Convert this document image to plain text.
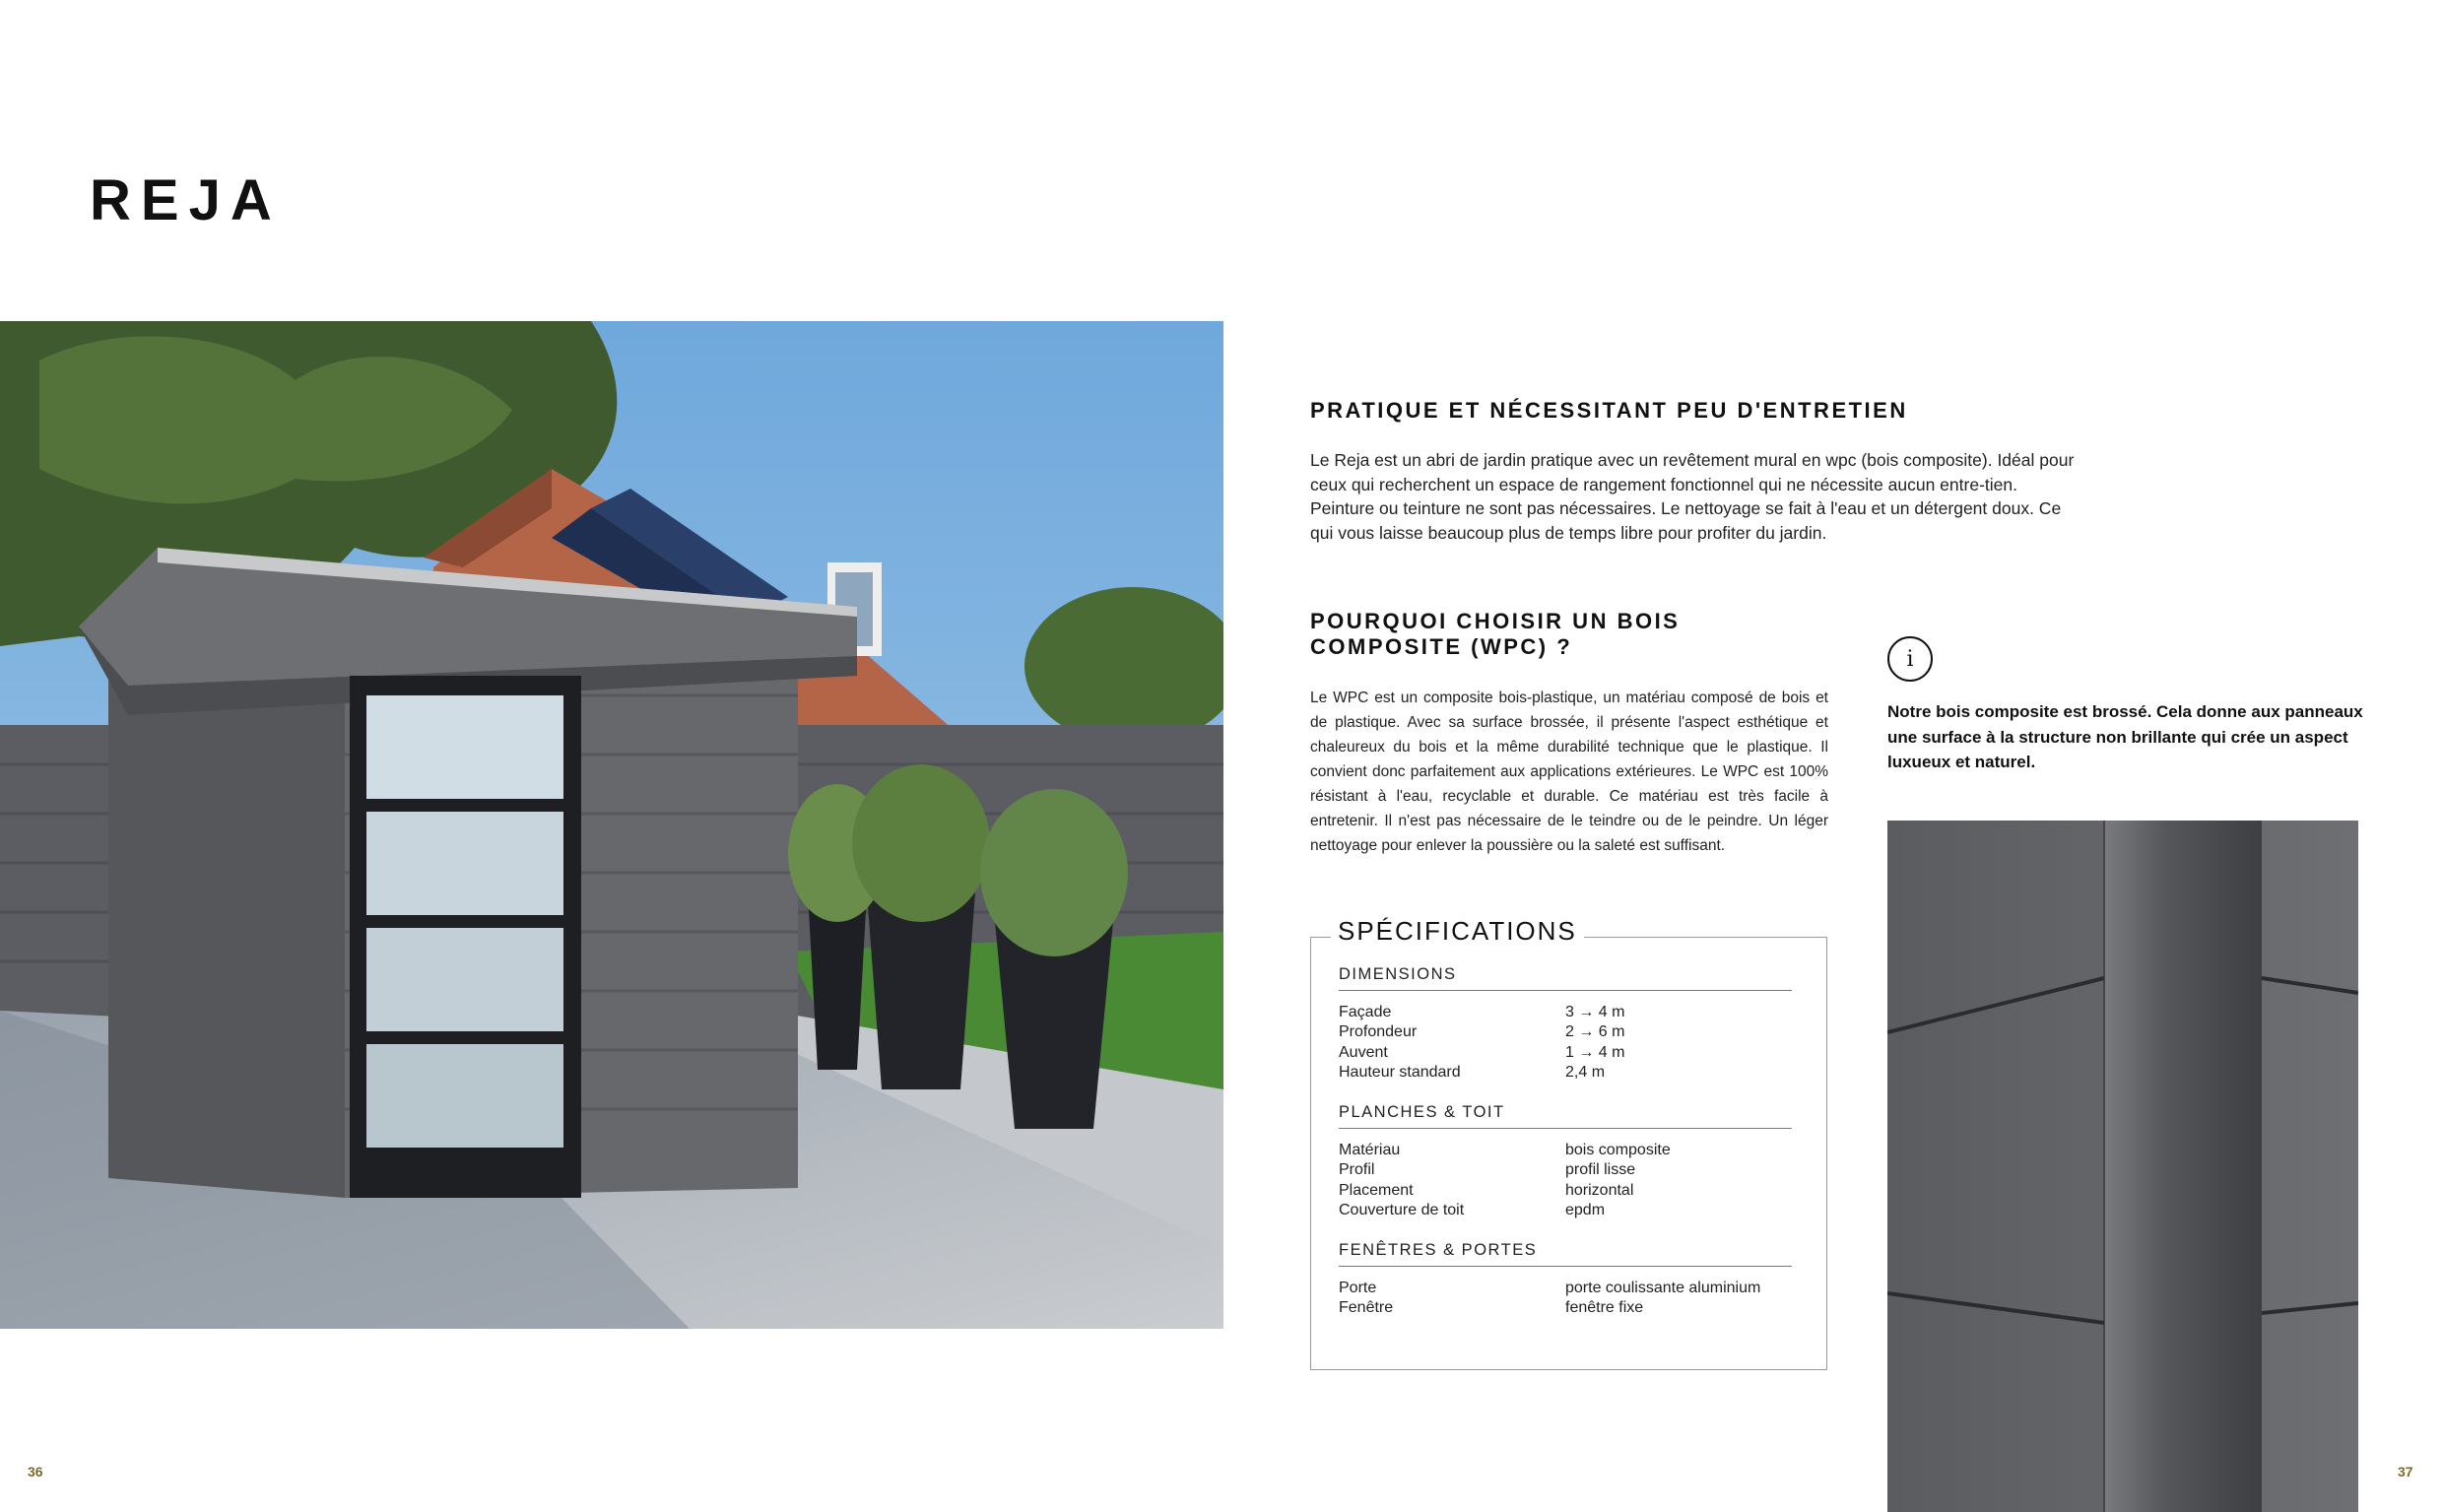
REJA
PRATIQUE ET NÉCESSITANT PEU D'ENTRETIEN

Le Reja est un abri de jardin pratique avec un revêtement mural en wpc (bois composite). Idéal pour ceux qui recherchent un espace de rangement fonctionnel qui ne nécessite aucun entre-tien. Peinture ou teinture ne sont pas nécessaires. Le nettoyage se fait à l'eau et un détergent doux. Ce qui vous laisse beaucoup plus de temps libre pour profiter du jardin.

POURQUOI CHOISIR UN BOIS
COMPOSITE (WPC) ?

Le WPC est un composite bois-plastique, un matériau composé de bois et de plastique. Avec sa surface brossée, il présente l'aspect esthétique et chaleureux du bois et la même durabilité technique que le plastique. Il convient donc parfaitement aux applications extérieures. Le WPC est 100% résistant à l'eau, recyclable et durable. Ce matériau est très facile à entretenir. Il n'est pas nécessaire de le teindre ou de le peindre. Un léger nettoyage pour enlever la poussière ou la saleté est suffisant.

i

Notre bois composite est brossé. Cela donne aux panneaux une surface à la structure non brillante qui crée un aspect luxueux et naturel.

SPÉCIFICATIONS
DIMENSIONS
Façade	3 → 4 m
Profondeur	2 → 6 m
Auvent	1 → 4 m
Hauteur standard	2,4 m
PLANCHES & TOIT
Matériau	bois composite
Profil	profil lisse
Placement	horizontal
Couverture de toit	epdm
FENÊTRES & PORTES
Porte	porte coulissante aluminium
Fenêtre	fenêtre fixe
36	37
